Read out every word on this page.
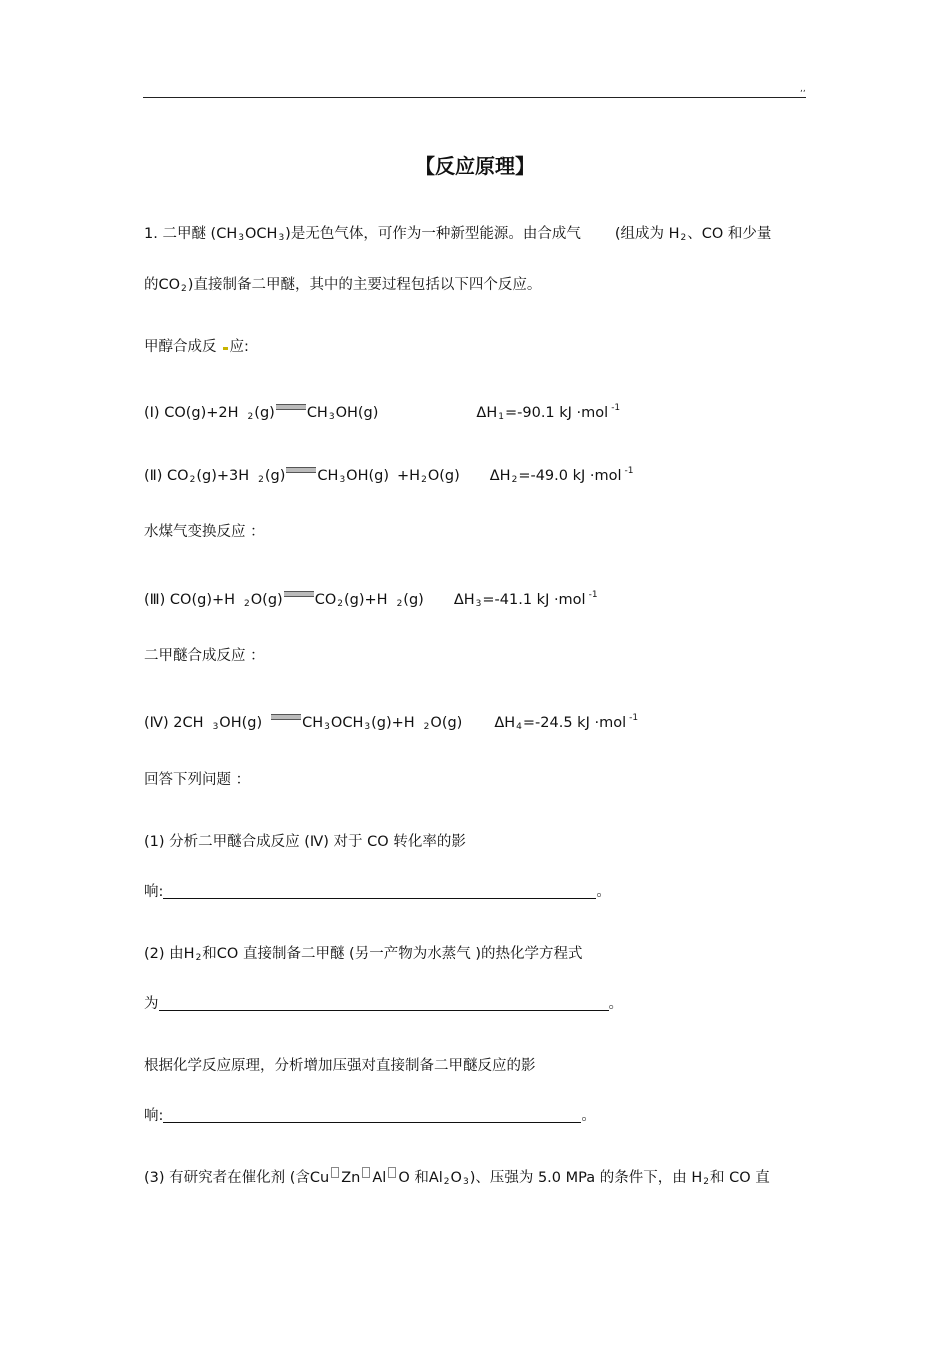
,,
【反应原理】
1. 二甲醚 $(CH_3OCH_3)$是无色气体，可作为一种新型能源。由合成气 (组成为 $H_2$、CO 和少量
的$CO_2$)直接制备二甲醚，其中的主要过程包括以下四个反应。
甲醇合成反 应:
(Ⅰ) CO(g)+2H $_2$(g) $CH_3OH(g)$	$\Delta H_1=-90.1$ kJ ·mol $^{-1}$
(Ⅱ) $CO_2(g)+3H$ $_2$(g) $CH_3OH(g) +H_2O(g)$ $\Delta H_2=-49.0$ kJ ·mol $^{-1}$
水煤气变换反应 ：
(Ⅲ) CO(g)+H $_2$O(g) $CO_2(g)+H$ $_2$(g) $\Delta H_3=-41.1$ kJ ·mol $^{-1}$
二甲醚合成反应 ：
(Ⅳ) 2CH $_3$OH(g)	$CH_3OCH_3(g)+H$ $_2$O(g) $\Delta H_4=-24.5$ kJ ·mol $^{-1}$
回答下列问题 ：
(1) 分析二甲醚合成反应 (Ⅳ) 对于 CO 转化率的影
响:	。
(2) 由$H_2$和CO 直接制备二甲醚 (另一产物为水蒸气 )的热化学方程式
为	。
根据化学反应原理，分析增加压强对直接制备二甲醚反应的影
响:	。
(3) 有研究者在催化剂 (含Cu Zn Al O 和$Al_2O_3$)、压强为 5.0 MPa 的条件下，由 $H_2$和 CO 直
